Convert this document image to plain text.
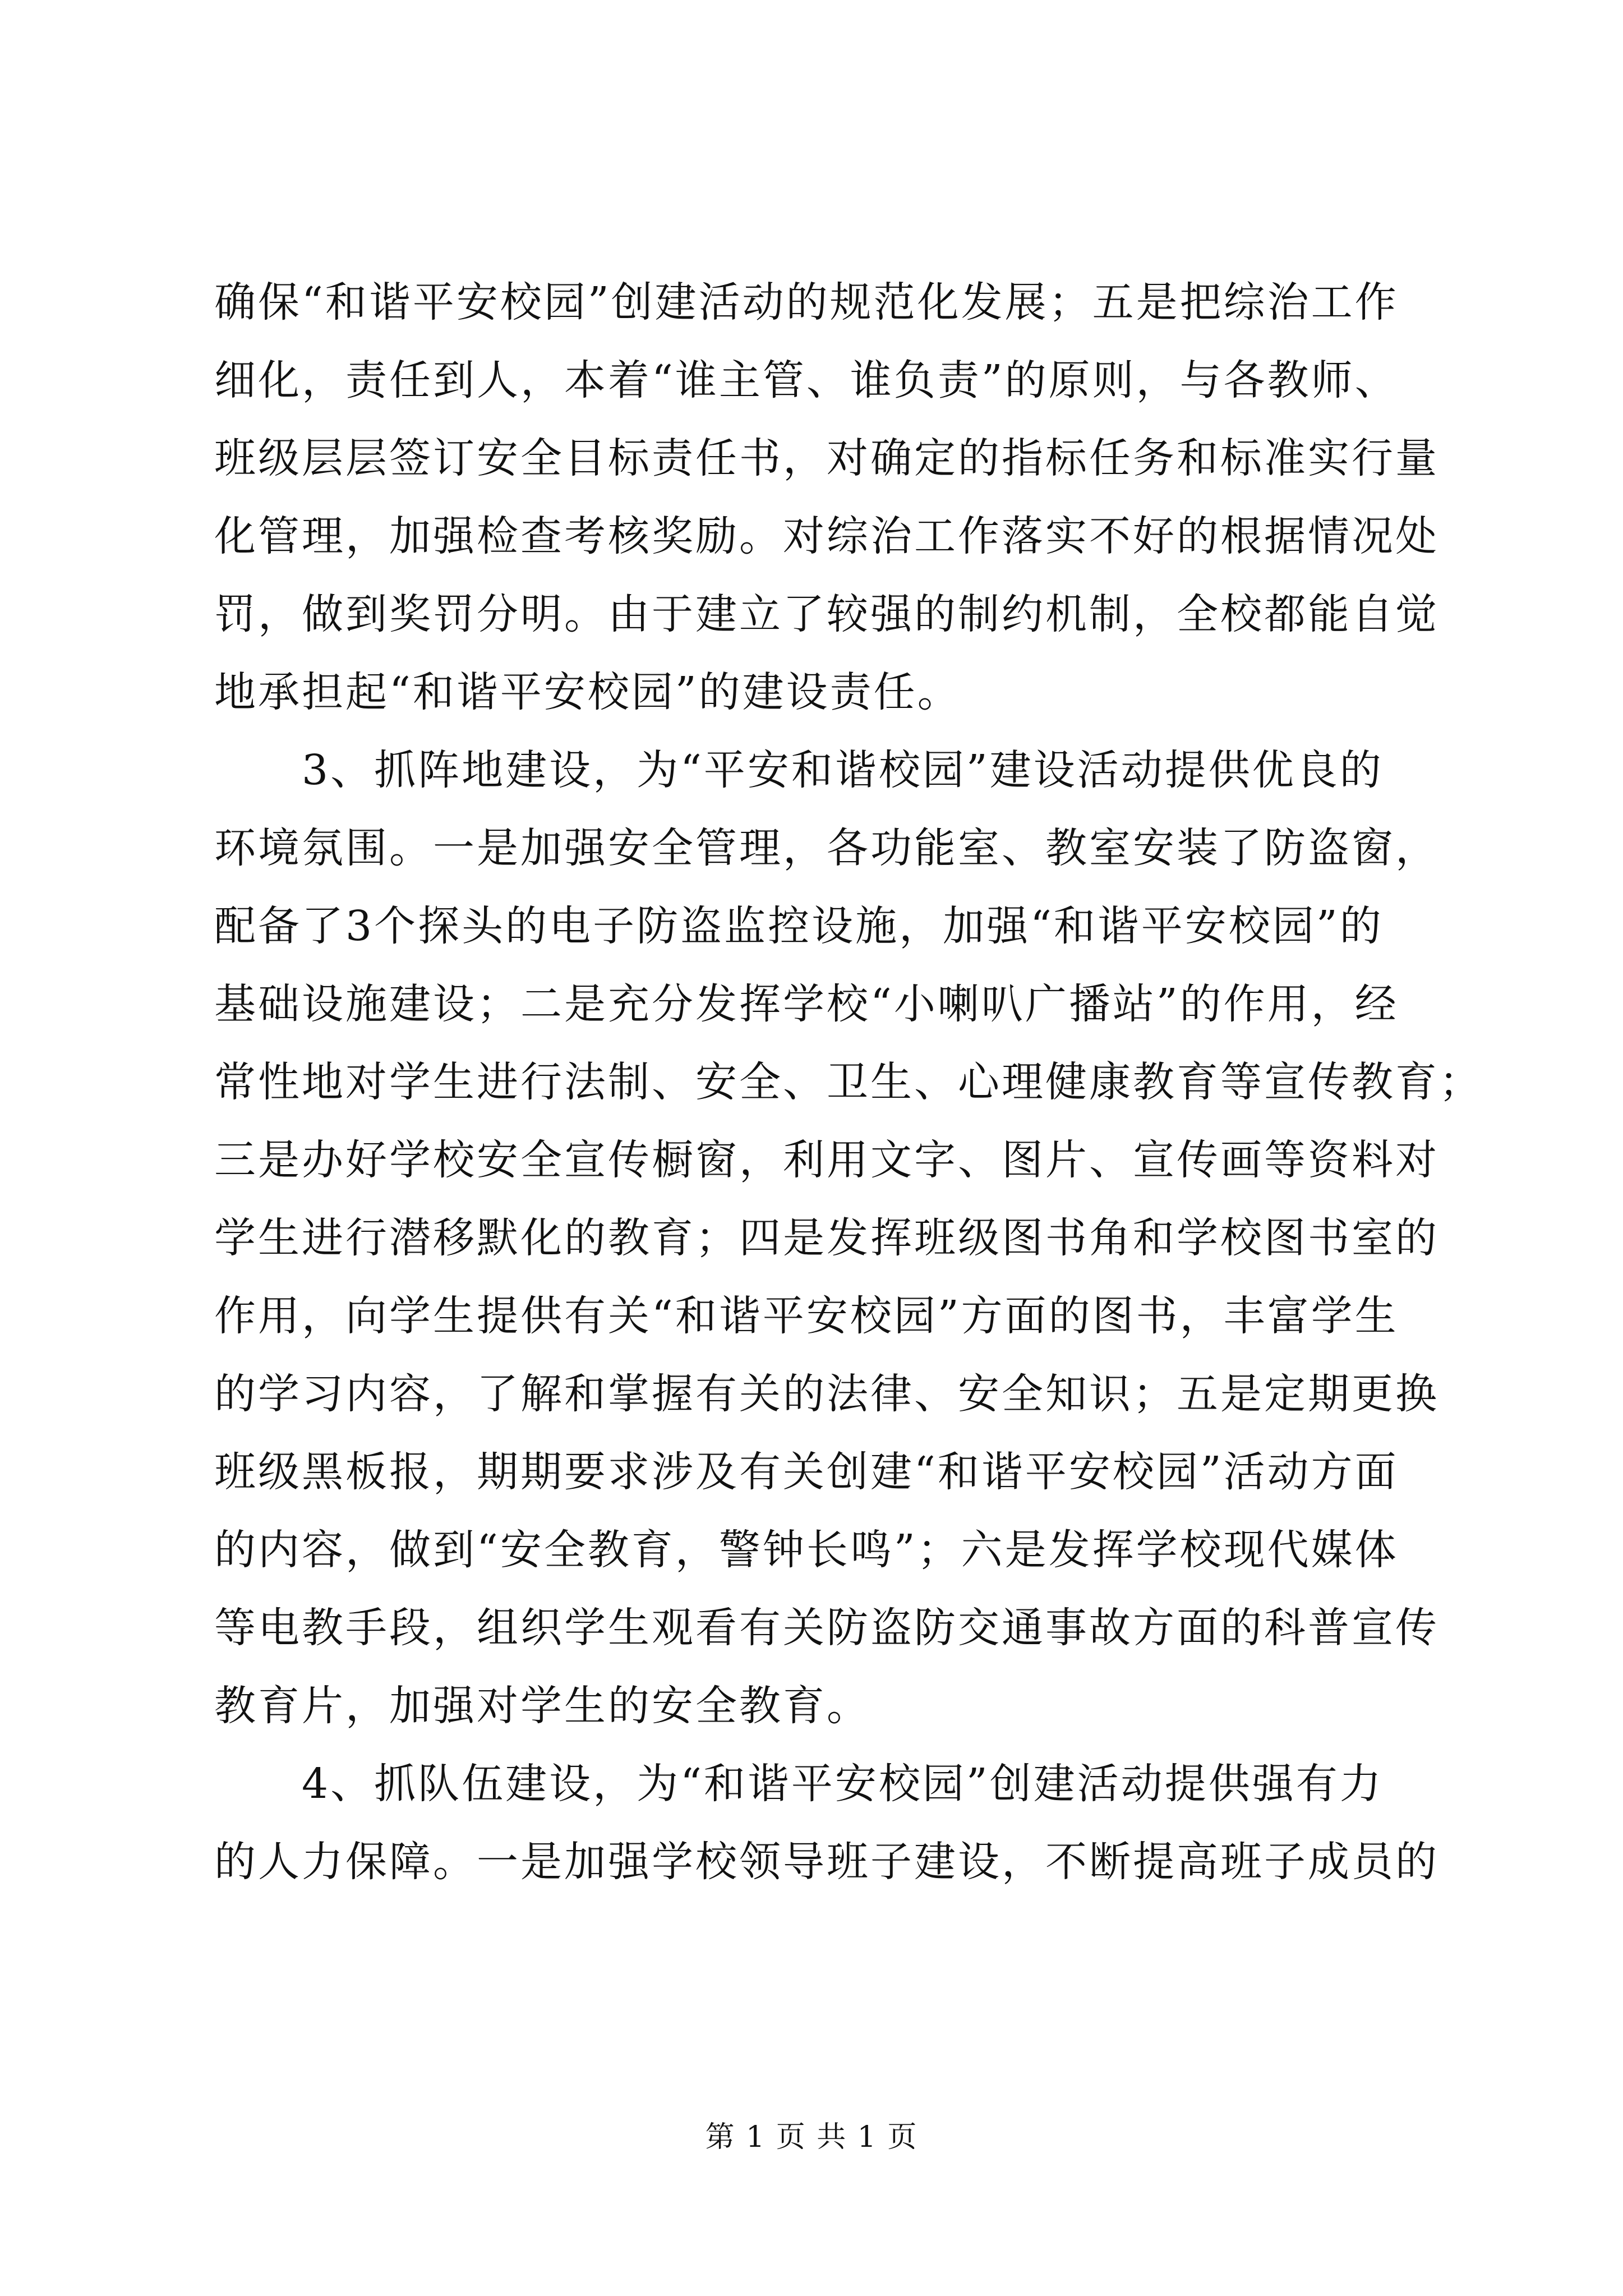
确保“和谐平安校园”创建活动的规范化发展；五是把综治工作
细化，责任到人，本着“谁主管、谁负责”的原则，与各教师、
班级层层签订安全目标责任书，对确定的指标任务和标准实行量
化管理，加强检查考核奖励。对综治工作落实不好的根据情况处
罚，做到奖罚分明。由于建立了较强的制约机制，全校都能自觉
地承担起“和谐平安校园”的建设责任。
　　3、抓阵地建设，为“平安和谐校园”建设活动提供优良的
环境氛围。一是加强安全管理，各功能室、教室安装了防盗窗，
配备了3个探头的电子防盗监控设施，加强“和谐平安校园”的
基础设施建设；二是充分发挥学校“小喇叭广播站”的作用，经
常性地对学生进行法制、安全、卫生、心理健康教育等宣传教育；
三是办好学校安全宣传橱窗，利用文字、图片、宣传画等资料对
学生进行潜移默化的教育；四是发挥班级图书角和学校图书室的
作用，向学生提供有关“和谐平安校园”方面的图书，丰富学生
的学习内容，了解和掌握有关的法律、安全知识；五是定期更换
班级黑板报，期期要求涉及有关创建“和谐平安校园”活动方面
的内容，做到“安全教育，警钟长鸣”；六是发挥学校现代媒体
等电教手段，组织学生观看有关防盗防交通事故方面的科普宣传
教育片，加强对学生的安全教育。
　　4、抓队伍建设，为“和谐平安校园”创建活动提供强有力
的人力保障。一是加强学校领导班子建设，不断提高班子成员的
第 1 页 共 1 页
